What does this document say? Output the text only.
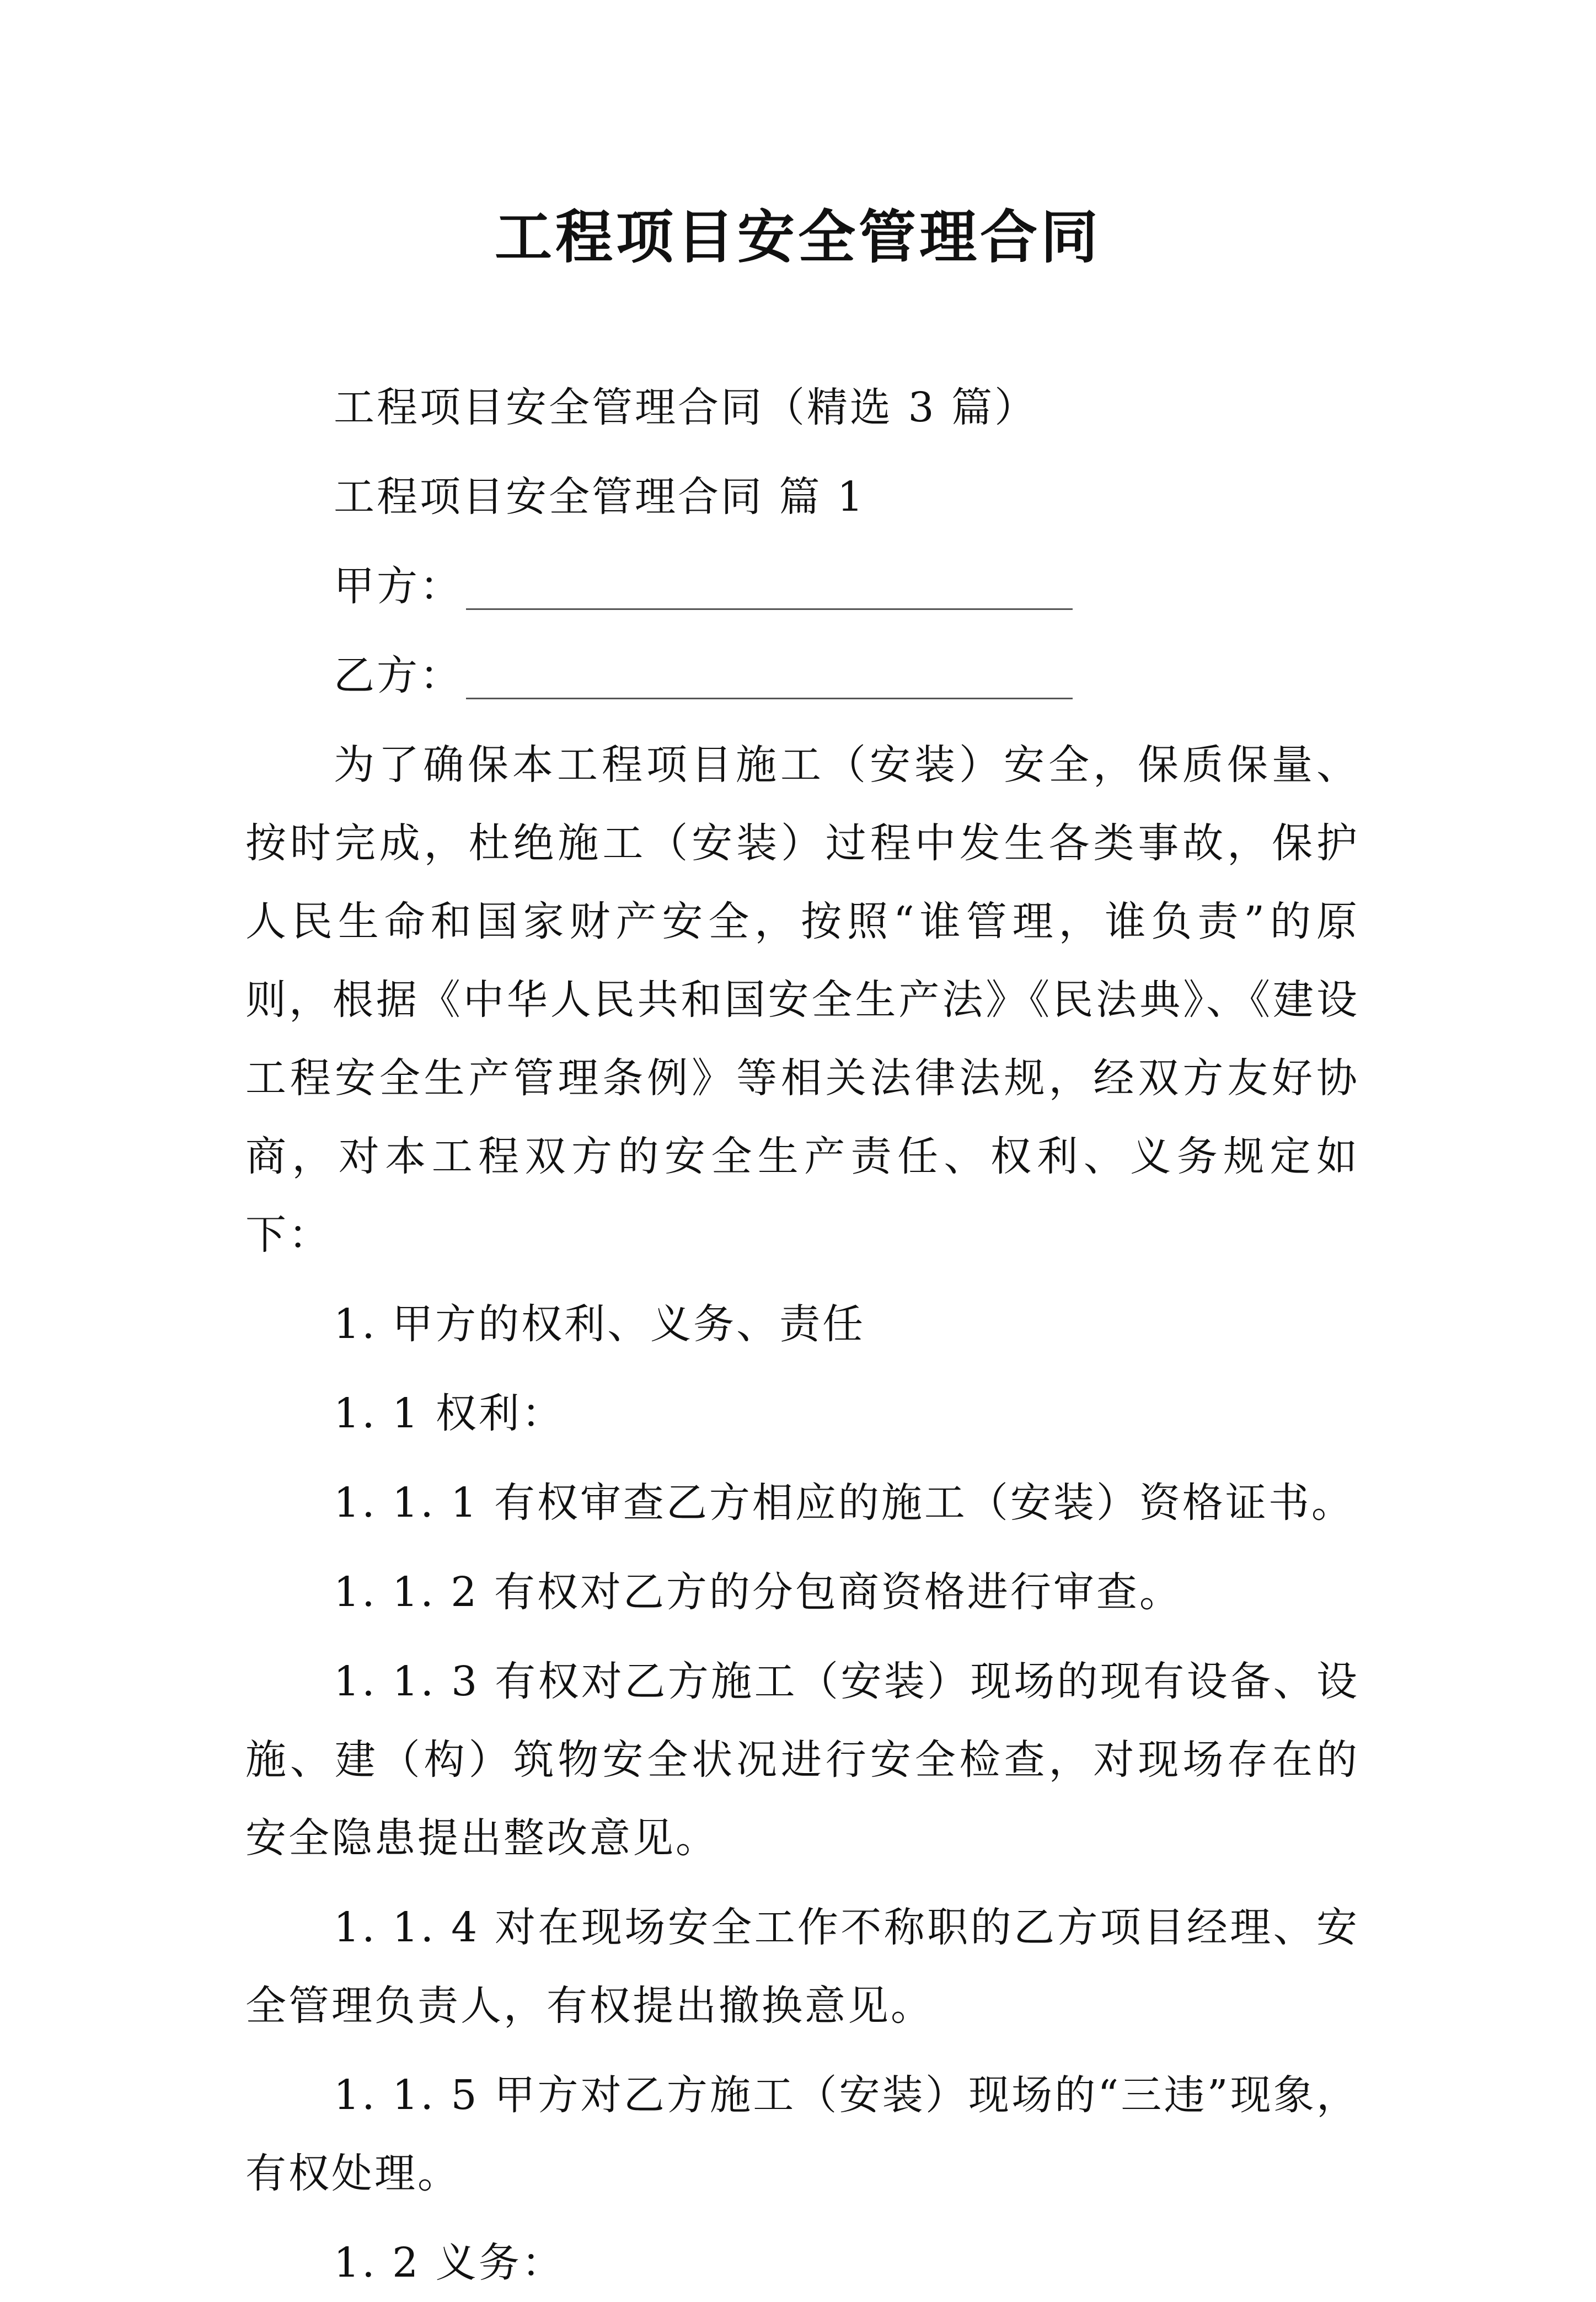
工程项目安全管理合同

工程项目安全管理合同（精选 3 篇）

工程项目安全管理合同 篇 1

甲方：
乙方：

为了确保本工程项目施工（安装）安全，保质保量、按时完成，杜绝施工（安装）过程中发生各类事故，保护人民生命和国家财产安全，按照“谁管理，谁负责”的原则，根据《中华人民共和国安全生产法》《民法典》、《建设工程安全生产管理条例》等相关法律法规，经双方友好协商，对本工程双方的安全生产责任、权利、义务规定如下：

1. 甲方的权利、义务、责任

1. 1 权利：

1. 1. 1 有权审查乙方相应的施工（安装）资格证书。

1. 1. 2 有权对乙方的分包商资格进行审查。

1. 1. 3 有权对乙方施工（安装）现场的现有设备、设施、建（构）筑物安全状况进行安全检查，对现场存在的安全隐患提出整改意见。

1. 1. 4 对在现场安全工作不称职的乙方项目经理、安全管理负责人，有权提出撤换意见。

1. 1. 5 甲方对乙方施工（安装）现场的“三违”现象，有权处理。

1. 2 义务：
